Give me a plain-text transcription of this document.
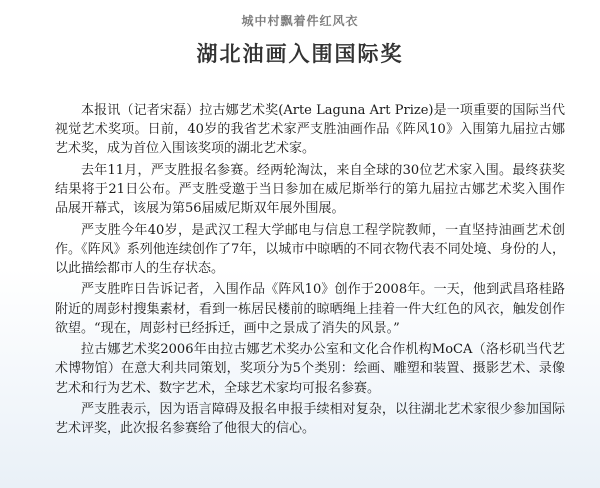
城中村飘着件红风衣
湖北油画入围国际奖

本报讯（记者宋磊）拉古娜艺术奖(Arte Laguna Art Prize)是一项重要的国际当代视觉艺术奖项。日前，40岁的我省艺术家严支胜油画作品《阵风10》入围第九届拉古娜艺术奖，成为首位入围该奖项的湖北艺术家。

去年11月，严支胜报名参赛。经两轮淘汰，来自全球的30位艺术家入围。最终获奖结果将于21日公布。严支胜受邀于当日参加在威尼斯举行的第九届拉古娜艺术奖入围作品展开幕式，该展为第56届威尼斯双年展外围展。

严支胜今年40岁，是武汉工程大学邮电与信息工程学院教师，一直坚持油画艺术创作。《阵风》系列他连续创作了7年，以城市中晾晒的不同衣物代表不同处境、身份的人，以此描绘都市人的生存状态。

严支胜昨日告诉记者，入围作品《阵风10》创作于2008年。一天，他到武昌珞桂路附近的周彭村搜集素材，看到一栋居民楼前的晾晒绳上挂着一件大红色的风衣，触发创作欲望。“现在，周彭村已经拆迁，画中之景成了消失的风景。”

拉古娜艺术奖2006年由拉古娜艺术奖办公室和文化合作机构MoCA（洛杉矶当代艺术博物馆）在意大利共同策划，奖项分为5个类别：绘画、雕塑和装置、摄影艺术、录像艺术和行为艺术、数字艺术，全球艺术家均可报名参赛。

严支胜表示，因为语言障碍及报名申报手续相对复杂，以往湖北艺术家很少参加国际艺术评奖，此次报名参赛给了他很大的信心。
